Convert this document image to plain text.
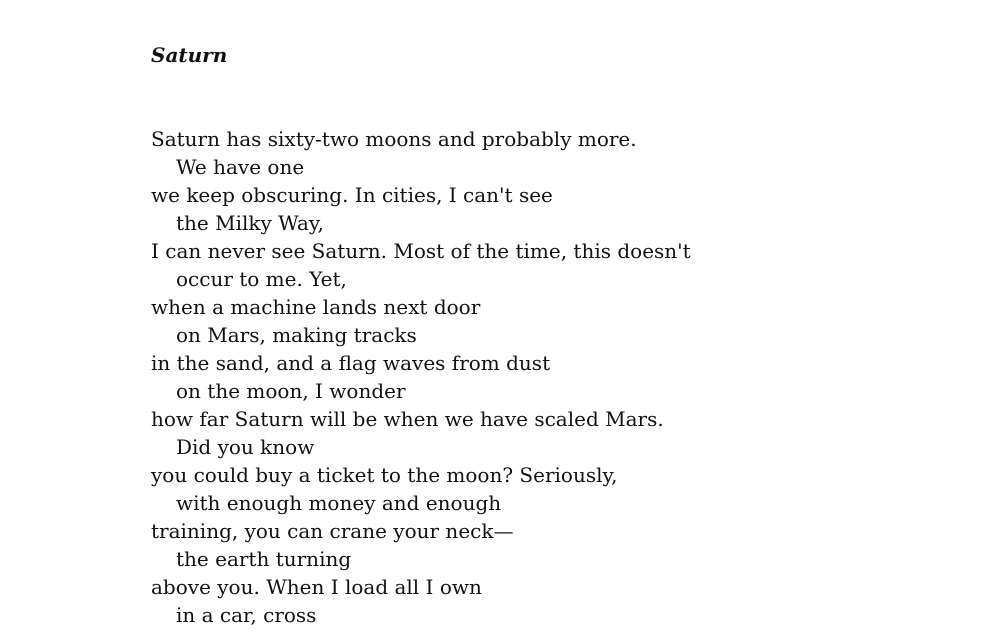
Saturn
Saturn has sixty-two moons and probably more.
We have one
we keep obscuring. In cities, I can't see
the Milky Way,
I can never see Saturn. Most of the time, this doesn't
occur to me. Yet,
when a machine lands next door
on Mars, making tracks
in the sand, and a flag waves from dust
on the moon, I wonder
how far Saturn will be when we have scaled Mars.
Did you know
you could buy a ticket to the moon? Seriously,
with enough money and enough
training, you can crane your neck—
the earth turning
above you. When I load all I own
in a car, cross
